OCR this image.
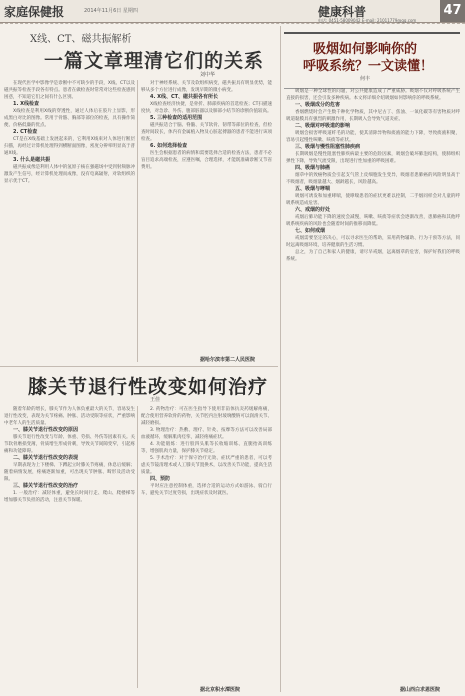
家庭保健报	2014年11月6日 星期四	健康科普	47
电话: 0451-58009042 E-mail: 21011779@qq.com
X线、CT、磁共振解析
一篇文章理清它们的关系
刘中华

在现代医学中影像学是诊断中不可缺少的手段，X线、CT以及磁共振等检查手段各有特点。患者在做检查时常常对这些检查感到困惑，不知道它们之间有什么区别。

1. X线检查

X线检查是利用X线的穿透性，通过人体后在胶片上显影，形成黑白对比的图像。常用于骨骼、胸部等部位的检查，具有操作简便、价格低廉的优点。

2. CT检查

CT是在X线基础上发展起来的，它利用X线束对人体进行断层扫描，再经过计算机处理得到横断面图像，密度分辨率明显高于普通X线。

3. 什么是磁共振

磁共振成像是利用人体中的氢原子核在强磁场中受到射频脉冲激发产生信号，经计算机处理而成像，没有电离辐射，对软组织的显示优于CT。

对于神经系统、关节及软组织病变，磁共振具有明显优势，能够从多个方位进行成像，发现早期的微小病变。

4. X线、CT、磁共振各有所长

X线检查经济快捷，是骨折、肺部疾病的首选检查；CT扫描速度快，对急诊、外伤、腹部脏器以及肺部小结节的诊断价值较高。

5. 三种检查的适用范围

磁共振适合于脑、脊髓、关节软骨、韧带等部位的检查，但检查时间较长，体内有金属植入物及心脏起搏器的患者不能进行该项检查。

6. 如何选择检查

医生会根据患者的病情和需要选择合适的检查方法，患者不必盲目追求高端检查，应遵医嘱，合理选择，才能既准确诊断又节省费用。

据哈尔滨市第二人民医院
膝关节退行性改变如何治疗
王佳

随着年龄的增长，膝关节作为人体负重最大的关节，容易发生退行性改变，表现为关节疼痛、肿胀、活动受限等症状，严重影响中老年人的生活质量。

一、膝关节退行性改变的原因

膝关节退行性改变与年龄、体重、劳损、外伤等因素有关。关节软骨磨损变薄，骨质增生形成骨刺，导致关节间隙变窄，引起疼痛和功能障碍。

二、膝关节退行性改变的表现

早期表现为上下楼梯、下蹲起立时膝关节疼痛，休息后缓解；随着病情发展，疼痛逐渐加重，可出现关节肿胀、畸形及活动受限。

三、膝关节退行性改变的治疗

1. 一般治疗：减轻体重，避免长时间行走、爬山、爬楼梯等增加膝关节负担的活动，注意关节保暖。

2. 药物治疗：可在医生指导下使用非甾体抗炎药缓解疼痛，配合使用营养软骨的药物，关节腔内注射玻璃酸钠可以润滑关节、减轻磨损。

3. 物理治疗：热敷、理疗、针灸、按摩等方法可以改善局部血液循环，缓解肌肉痉挛，减轻疼痛症状。

4. 功能锻炼：进行股四头肌等长收缩训练、直腿抬高训练等，增强肌肉力量，保护膝关节稳定。

5. 手术治疗：对于保守治疗无效、症状严重的患者，可以考虑关节镜清理术或人工膝关节置换术，以改善关节功能，提高生活质量。

四、预防

平时应注意控制体重，选择合适的运动方式如游泳、骑自行车，避免关节过度劳损，出现症状及时就医。

据北京积水潭医院
吸烟如何影响你的
呼吸系统？一文读懂！
何丰

吸烟是一种全球性的问题，对公共健康造成了严重威胁。吸烟不仅对呼吸系统产生直接的损害，还会引发多种疾病。本文将详细介绍吸烟如何影响你的呼吸系统。

一、吸烟成分的危害

香烟燃烧时会产生数千种化学物质，其中尼古丁、焦油、一氧化碳等有害物质对呼吸道黏膜具有强烈的刺激作用，长期吸入会导致气道炎症。

二、吸烟对呼吸道的影响

吸烟会损害呼吸道纤毛的功能，使其清除异物和痰液的能力下降，导致痰液积聚，容易引起慢性咳嗽、咳痰等症状。

三、吸烟与慢性阻塞性肺疾病

长期吸烟是慢性阻塞性肺疾病最主要的危险因素，吸烟会破坏肺泡结构，使肺组织弹性下降，导致气流受限，出现进行性加重的呼吸困难。

四、吸烟与肺癌

烟草中的致癌物质会引起支气管上皮细胞发生变异，吸烟者患肺癌的风险明显高于不吸烟者，吸烟量越大、烟龄越长，风险越高。

五、吸烟与哮喘

吸烟可诱发和加重哮喘，使哮喘患者的症状更难以控制，二手烟同样会对儿童的呼吸系统造成危害。

六、戒烟的好处

戒烟后肺功能下降的速度会减慢，咳嗽、咳痰等症状会逐渐改善，患肺癌和其他呼吸系统疾病的风险也会随着时间的推移而降低。

七、如何戒烟

戒烟需要坚定的决心，可以寻求医生的帮助，采用药物辅助、行为干预等方法，同时远离吸烟环境，培养健康的生活习惯。

总之，为了自己和家人的健康，请尽早戒烟，远离烟草的危害，保护好我们的呼吸系统。

据山西白求恩医院
